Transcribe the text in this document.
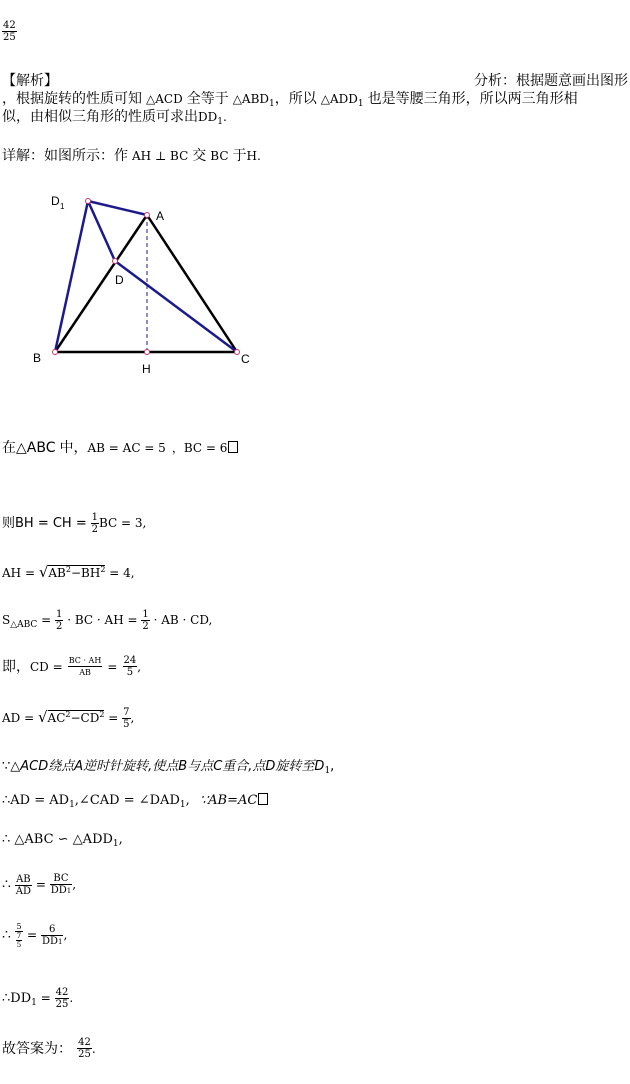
$\frac{42}{25}$
【解析】	分析：根据题意画出图形
，根据旋转的性质可知 △ACD 全等于 $\triangle ABD_1$，所以 $\triangle ADD_1$ 也是等腰三角形，所以两三角形相
似，由相似三角形的性质可求出$DD_1$.
详解：如图所示：作 AH ⊥ BC 交 BC 于H.
D 1
A
D
B	C
H
在△ABC 中，AB = AC = 5 ，BC = 6
则BH = CH = $\frac{1}{2}$ BC = 3,
AH = $√AB^2-BH^2 = 4$,
$S_{\triangle ABC} = \frac{1}{2}$ · BC · AH = $\frac{1}{2}$ · AB · CD,
即，CD = $\frac{BC \cdot AH}{AB} = \frac{24}{5}$ ,
AD = $√AC^2-CD^2 = \frac{7}{5}$ ,
∵△ACD绕点A逆时针旋转,使点B与点C重合,点D旋转至$D_1$,
∴AD = $AD_1,\angle CAD$ = $\angle DAD_1$, ∵AB=AC
∴ △ABC ∽ $\triangle ADD_1$,
∴ $\frac{AB}{AD} = \frac{BC}{DD1}$ ,
∴ $\frac{5}{\frac{7}{5}} = \frac{6}{DD1}$ ,
$\therefore DD_1 = \frac{42}{25}$ .
故答案为： $\frac{42}{25}$ .
